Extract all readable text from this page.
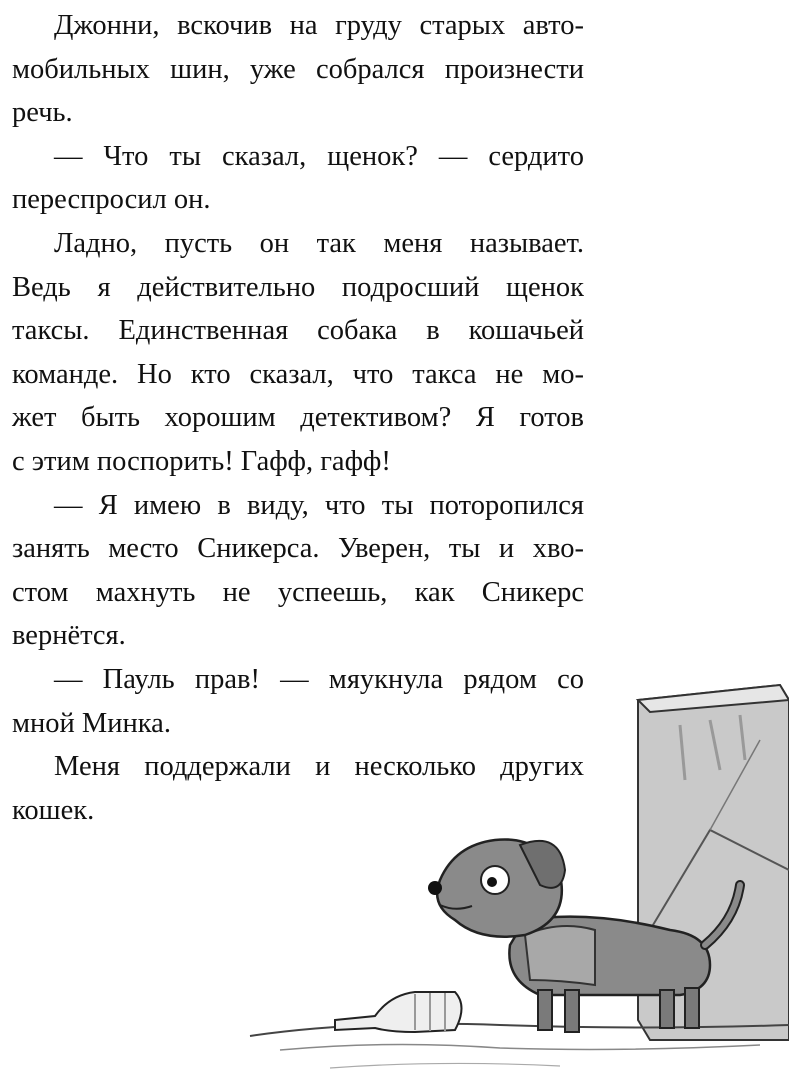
Джонни, вскочив на груду старых авто-
мобильных шин, уже собрался произнести
речь.
— Что ты сказал, щенок? — сердито
переспросил он.
Ладно, пусть он так меня называет.
Ведь я действительно подросший щенок
таксы. Единственная собака в кошачьей
команде. Но кто сказал, что такса не мо-
жет быть хорошим детективом? Я готов
с этим поспорить! Гафф, гафф!
— Я имею в виду, что ты поторопился
занять место Сникерса. Уверен, ты и хво-
стом махнуть не успеешь, как Сникерс
вернётся.
— Пауль прав! — мяукнула рядом со
мной Минка.
Меня поддержали и несколько других
кошек.
